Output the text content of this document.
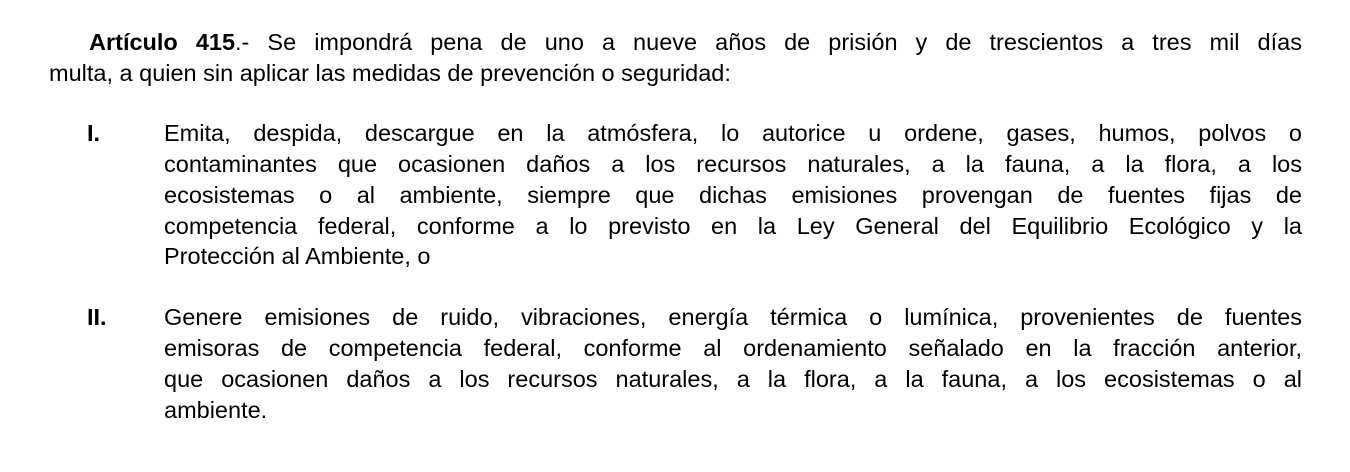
Artículo 415.- Se impondrá pena de uno a nueve años de prisión y de trescientos a tres mil días
multa, a quien sin aplicar las medidas de prevención o seguridad:
I.	Emita, despida, descargue en la atmósfera, lo autorice u ordene, gases, humos, polvos o
contaminantes que ocasionen daños a los recursos naturales, a la fauna, a la flora, a los
ecosistemas o al ambiente, siempre que dichas emisiones provengan de fuentes fijas de
competencia federal, conforme a lo previsto en la Ley General del Equilibrio Ecológico y la
Protección al Ambiente, o
II. Genere emisiones de ruido, vibraciones, energía térmica o lumínica, provenientes de fuentes
emisoras de competencia federal, conforme al ordenamiento señalado en la fracción anterior,
que ocasionen daños a los recursos naturales, a la flora, a la fauna, a los ecosistemas o al
ambiente.
